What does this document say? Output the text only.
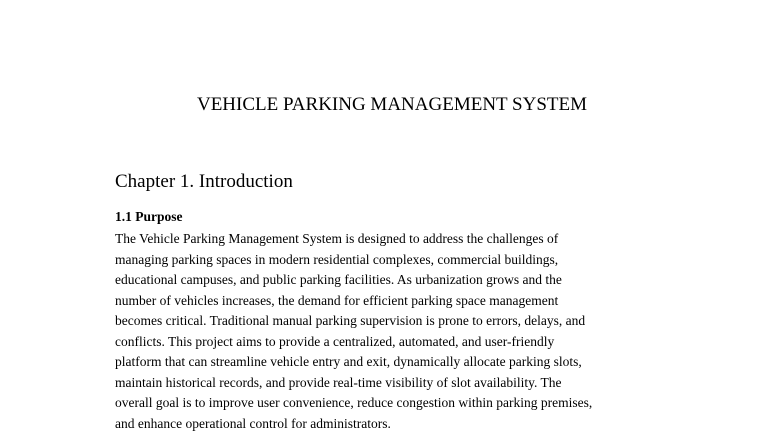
VEHICLE PARKING MANAGEMENT SYSTEM
Chapter 1. Introduction
1.1 Purpose

The Vehicle Parking Management System is designed to address the challenges of
managing parking spaces in modern residential complexes, commercial buildings,
educational campuses, and public parking facilities. As urbanization grows and the
number of vehicles increases, the demand for efficient parking space management
becomes critical. Traditional manual parking supervision is prone to errors, delays, and
conflicts. This project aims to provide a centralized, automated, and user-friendly
platform that can streamline vehicle entry and exit, dynamically allocate parking slots,
maintain historical records, and provide real-time visibility of slot availability. The
overall goal is to improve user convenience, reduce congestion within parking premises,
and enhance operational control for administrators.
